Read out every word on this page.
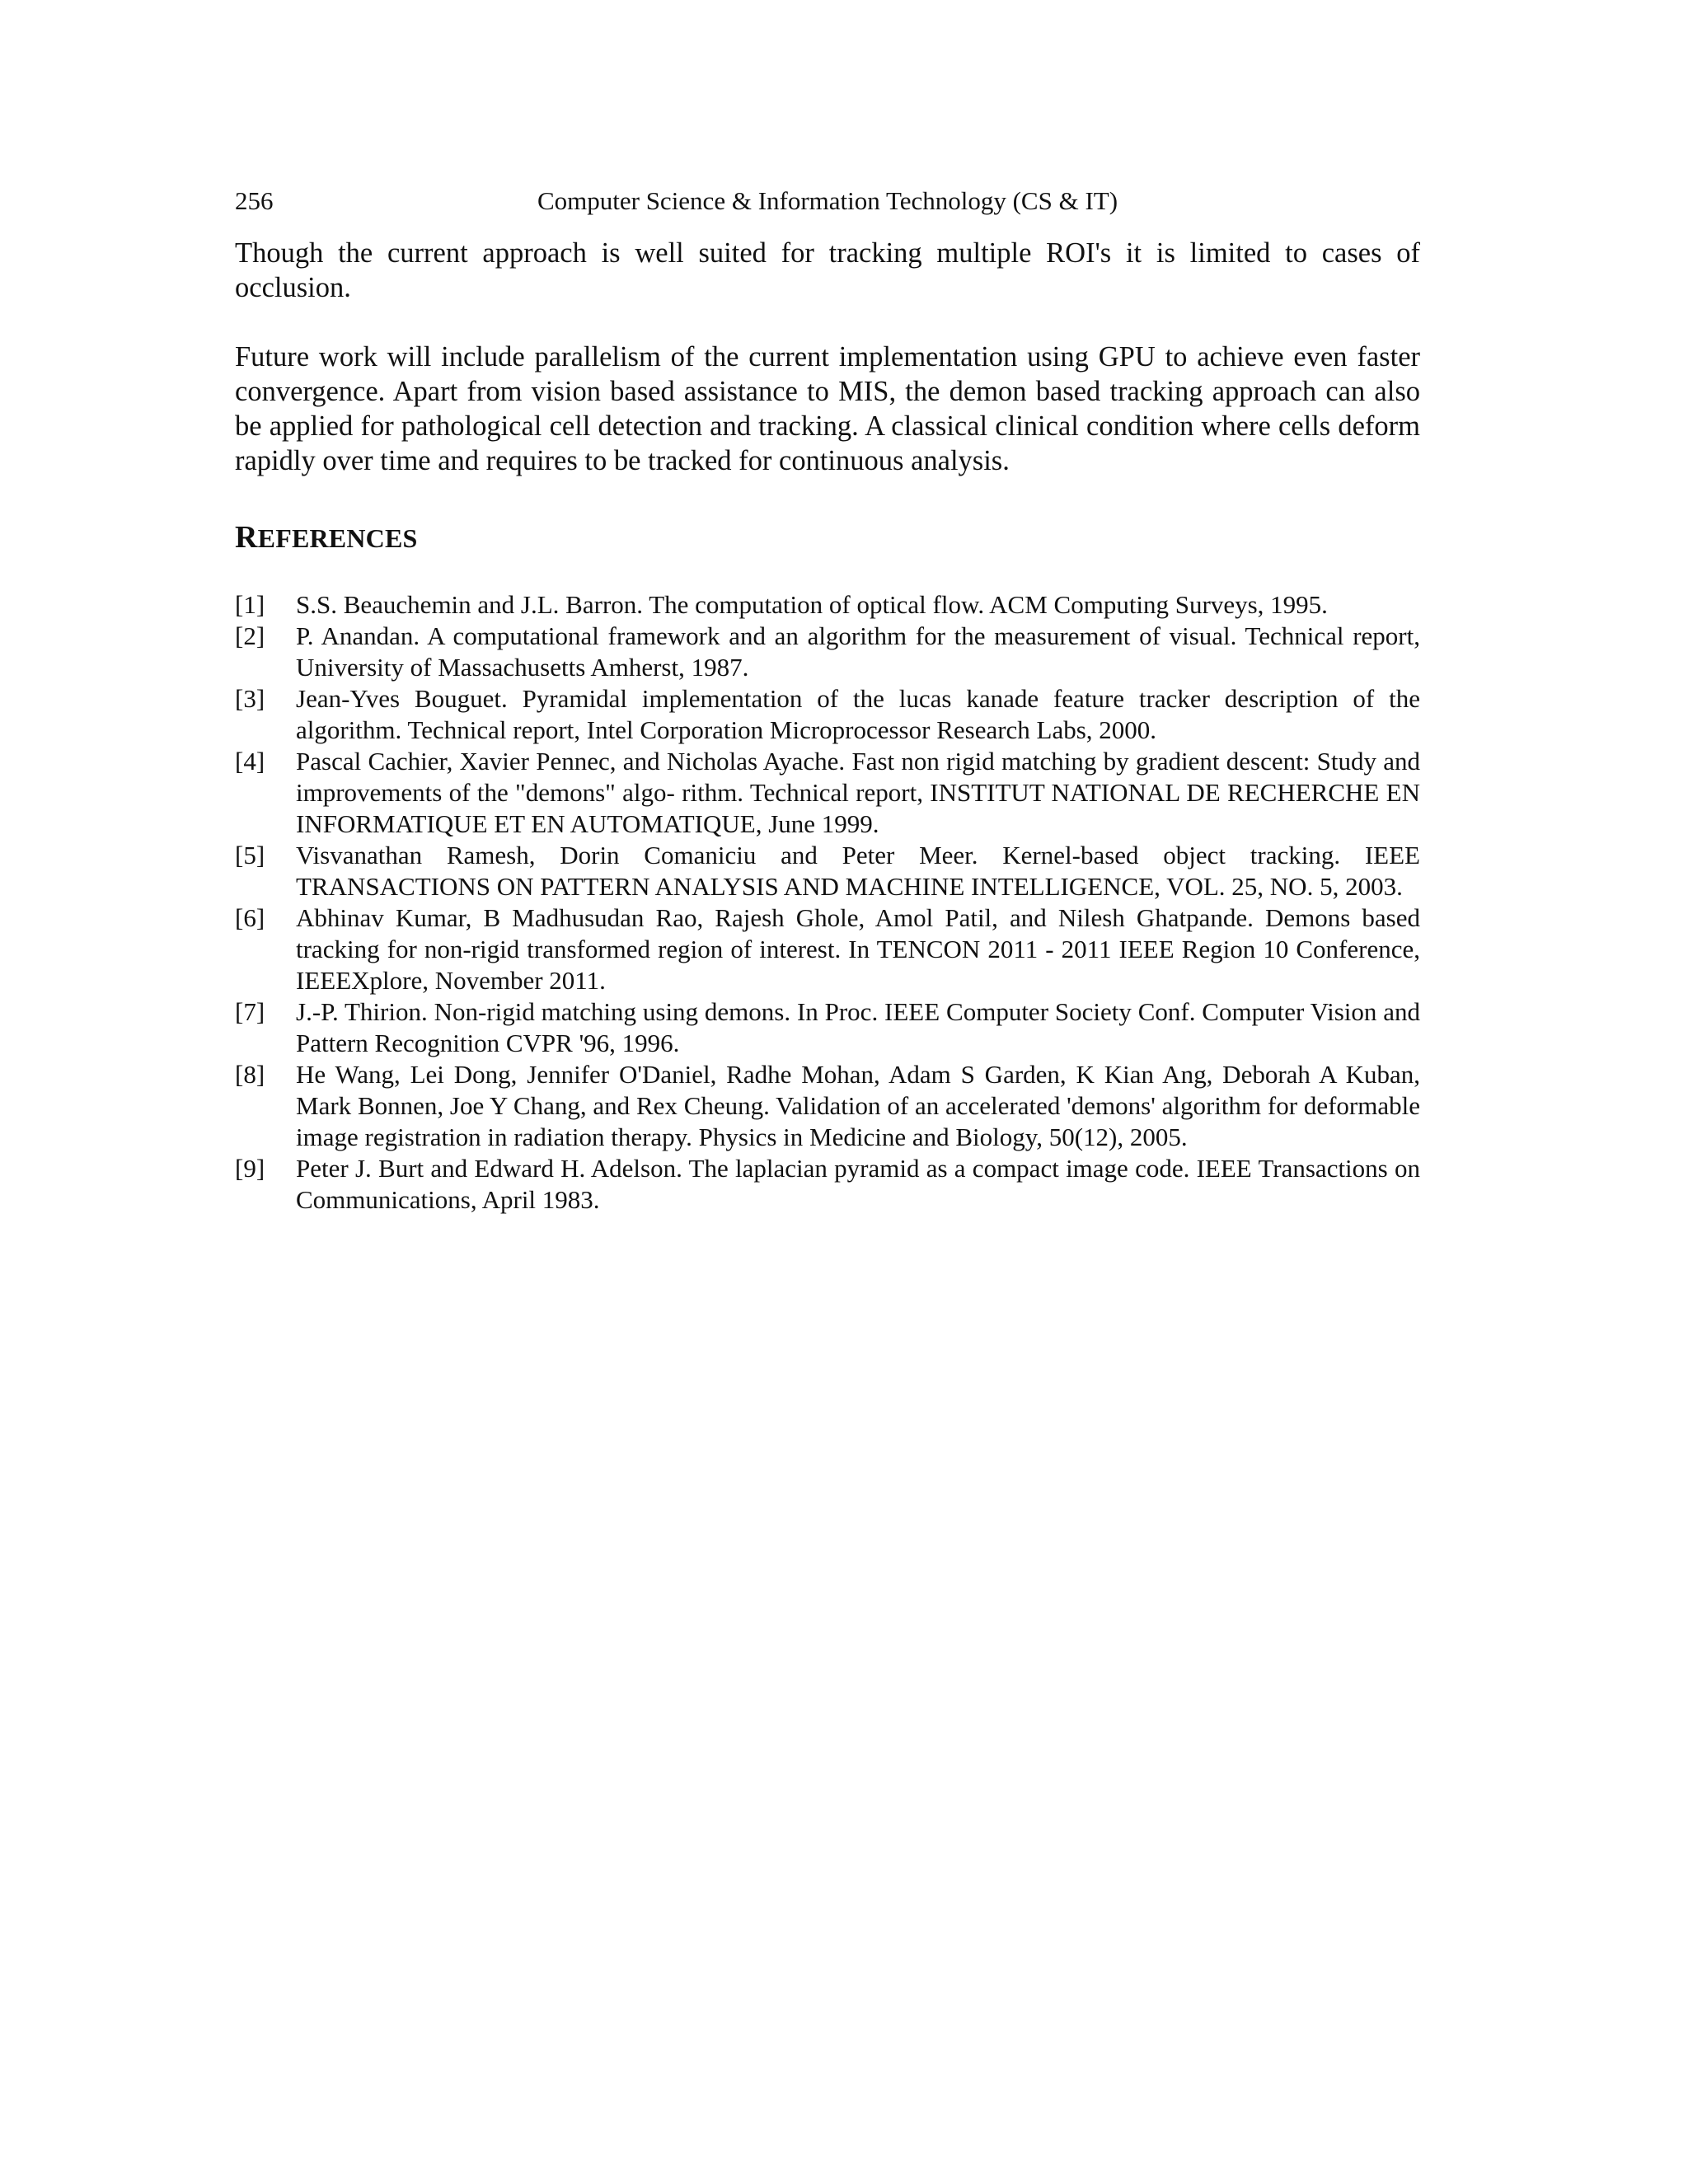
256	Computer Science & Information Technology (CS & IT)

Though the current approach is well suited for tracking multiple ROI's it is limited to cases of occlusion.

Future work will include parallelism of the current implementation using GPU to achieve even faster convergence. Apart from vision based assistance to MIS, the demon based tracking approach can also be applied for pathological cell detection and tracking. A classical clinical condition where cells deform rapidly over time and requires to be tracked for continuous analysis.

REFERENCES
[1] S.S. Beauchemin and J.L. Barron. The computation of optical flow. ACM Computing Surveys, 1995.
[2] P. Anandan. A computational framework and an algorithm for the measurement of visual. Technical report, University of Massachusetts Amherst, 1987.
[3] Jean-Yves Bouguet. Pyramidal implementation of the lucas kanade feature tracker description of the algorithm. Technical report, Intel Corporation Microprocessor Research Labs, 2000.
[4] Pascal Cachier, Xavier Pennec, and Nicholas Ayache. Fast non rigid matching by gradient descent: Study and improvements of the "demons" algo- rithm. Technical report, INSTITUT NATIONAL DE RECHERCHE EN INFORMATIQUE ET EN AUTOMATIQUE, June 1999.
[5] Visvanathan Ramesh, Dorin Comaniciu and Peter Meer. Kernel-based object tracking. IEEE TRANSACTIONS ON PATTERN ANALYSIS AND MACHINE INTELLIGENCE, VOL. 25, NO. 5, 2003.
[6] Abhinav Kumar, B Madhusudan Rao, Rajesh Ghole, Amol Patil, and Nilesh Ghatpande. Demons based tracking for non-rigid transformed region of interest. In TENCON 2011 - 2011 IEEE Region 10 Conference, IEEEXplore, November 2011.
[7] J.-P. Thirion. Non-rigid matching using demons. In Proc. IEEE Computer Society Conf. Computer Vision and Pattern Recognition CVPR '96, 1996.
[8] He Wang, Lei Dong, Jennifer O'Daniel, Radhe Mohan, Adam S Garden, K Kian Ang, Deborah A Kuban, Mark Bonnen, Joe Y Chang, and Rex Cheung. Validation of an accelerated 'demons' algorithm for deformable image registration in radiation therapy. Physics in Medicine and Biology, 50(12), 2005.
[9] Peter J. Burt and Edward H. Adelson. The laplacian pyramid as a compact image code. IEEE Transactions on Communications, April 1983.
